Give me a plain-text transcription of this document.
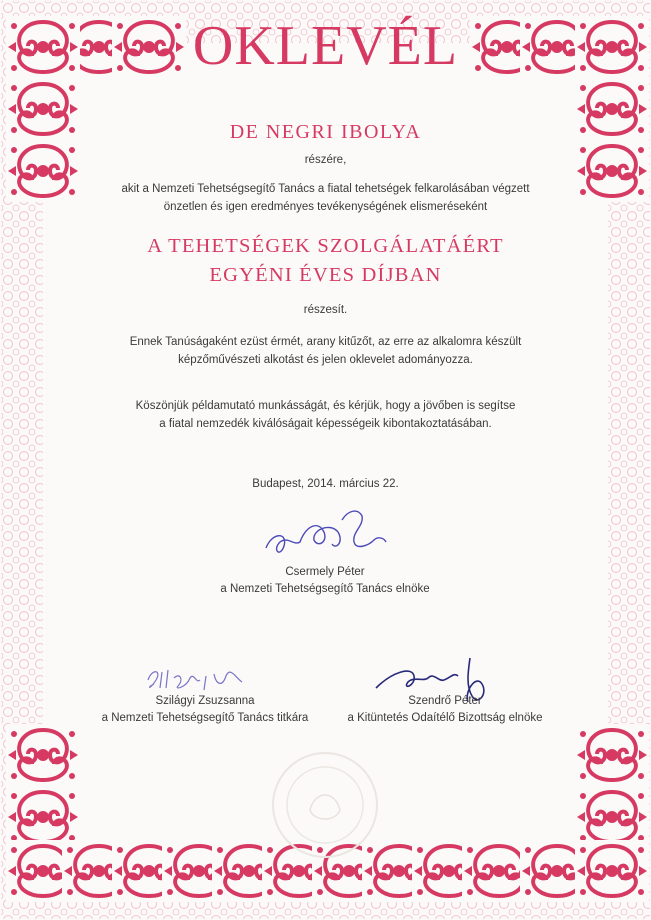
OKLEVÉL
DE NEGRI IBOLYA
részére,
akit a Nemzeti Tehetségsegítő Tanács a fiatal tehetségek felkarolásában végzett
önzetlen és igen eredményes tevékenységének elismeréseként
A TEHETSÉGEK SZOLGÁLATÁÉRT
EGYÉNI ÉVES DÍJBAN
részesít.
Ennek Tanúságaként ezüst érmét, arany kitűzőt, az erre az alkalomra készült
képzőművészeti alkotást és jelen oklevelet adományozza.
Köszönjük példamutató munkásságát, és kérjük, hogy a jövőben is segítse
a fiatal nemzedék kiválóságait képességeik kibontakoztatásában.
Budapest, 2014. március 22.
Csermely Péter
a Nemzeti Tehetségsegítő Tanács elnöke
Szilágyi Zsuzsanna
a Nemzeti Tehetségsegítő Tanács titkára
Szendrő Péter
a Kitüntetés Odaítélő Bizottság elnöke
